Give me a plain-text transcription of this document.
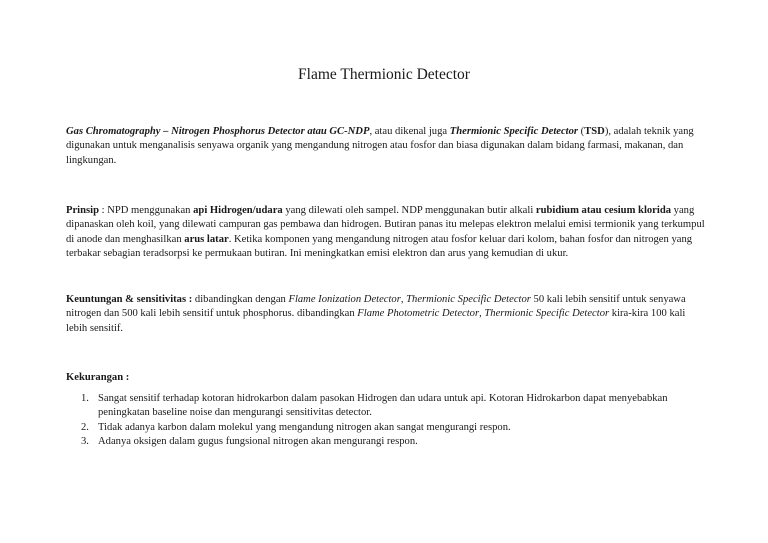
Flame Thermionic Detector

Gas Chromatography – Nitrogen Phosphorus Detector atau GC-NDP, atau dikenal juga Thermionic Specific Detector (TSD), adalah teknik yang digunakan untuk menganalisis senyawa organik yang mengandung nitrogen atau fosfor dan biasa digunakan dalam bidang farmasi, makanan, dan lingkungan.

Prinsip : NPD menggunakan api Hidrogen/udara yang dilewati oleh sampel. NDP menggunakan butir alkali rubidium atau cesium klorida yang dipanaskan oleh koil, yang dilewati campuran gas pembawa dan hidrogen. Butiran panas itu melepas elektron melalui emisi termionik yang terkumpul di anode dan menghasilkan arus latar. Ketika komponen yang mengandung nitrogen atau fosfor keluar dari kolom, bahan fosfor dan nitrogen yang terbakar sebagian teradsorpsi ke permukaan butiran. Ini meningkatkan emisi elektron dan arus yang kemudian di ukur.

Keuntungan & sensitivitas : dibandingkan dengan Flame Ionization Detector, Thermionic Specific Detector 50 kali lebih sensitif untuk senyawa nitrogen dan 500 kali lebih sensitif untuk phosphorus. dibandingkan Flame Photometric Detector, Thermionic Specific Detector kira-kira 100 kali lebih sensitif.

Kekurangan :

1. Sangat sensitif terhadap kotoran hidrokarbon dalam pasokan Hidrogen dan udara untuk api. Kotoran Hidrokarbon dapat menyebabkan peningkatan baseline noise dan mengurangi sensitivitas detector.
2. Tidak adanya karbon dalam molekul yang mengandung nitrogen akan sangat mengurangi respon.
3. Adanya oksigen dalam gugus fungsional nitrogen akan mengurangi respon.
